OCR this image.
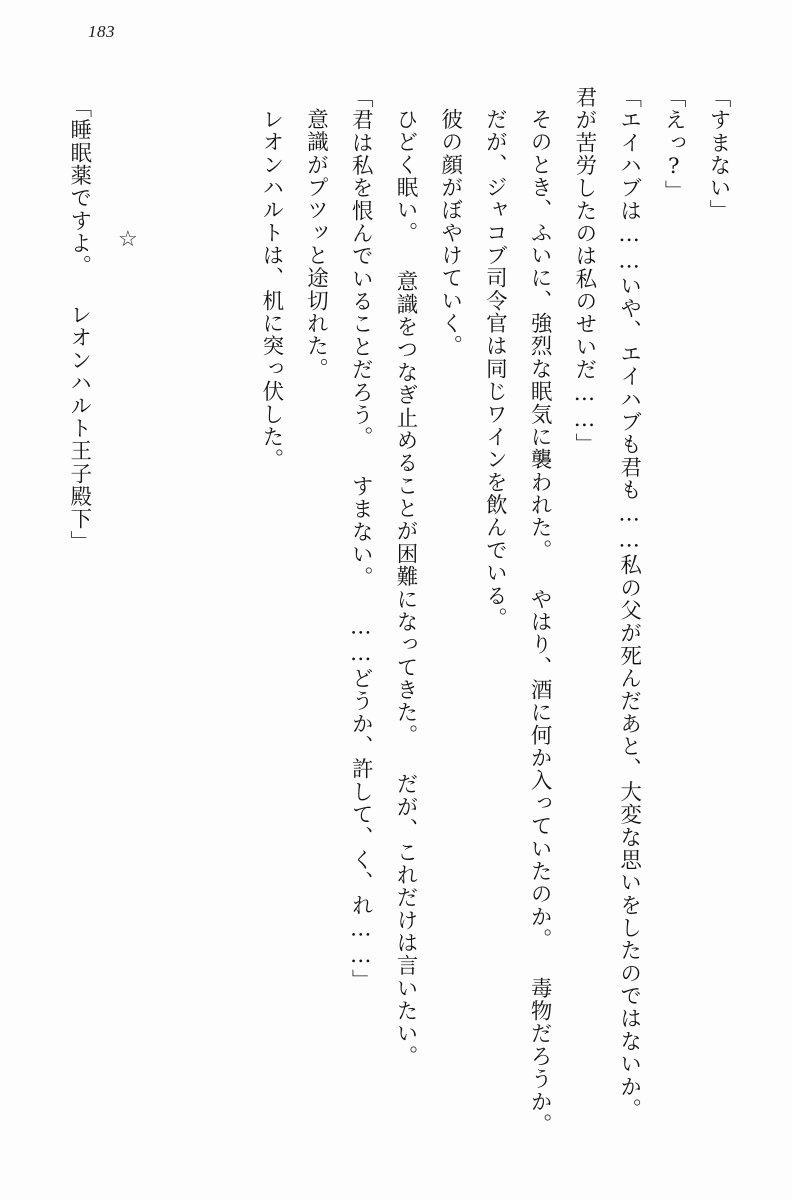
183

「すまない」

「えっ?」

「エイハブは……いや、エイハブも君も……私の父が死んだあと、大変な思いをしたのではないか。 君が苦労したのは私のせいだ……」

そのとき、ふいに、強烈な眠気に襲われた。 やはり、酒に何か入っていたのか。 毒物だろうか。

だが、ジャコブ司令官は同じワインを飲んでいる。

彼の顔がぼやけていく。

ひどく眠い。 意識をつなぎ止めることが困難になってきた。 だが、これだけは言いたい。

「君は私を恨んでいることだろう。 すまない。 ……どうか、許して、く、れ……」

意識がプツッと途切れた。

レオンハルトは、机に突っ伏した。

☆

「睡眠薬ですよ。 レオンハルト王子殿下」
